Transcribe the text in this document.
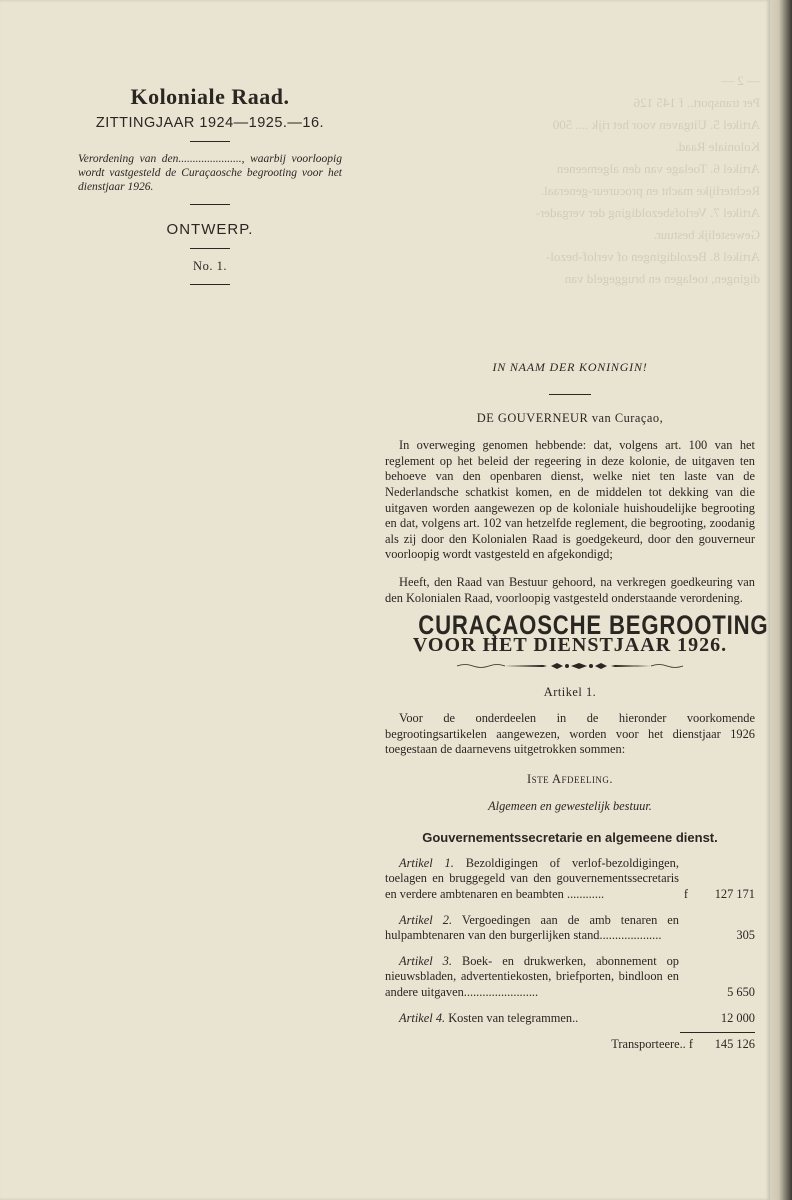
— 2 —
Per transport.. f 145 126
Artikel 5. Uitgaven voor het rijk .... 500
Koloniale Raad.
Artikel 6. Toelage van den algemeenen
Rechterlijke macht en procureur-generaal.
Artikel 7. Verlofsbezoldiging der vergader-
Gewestelijk bestuur.
Artikel 8. Bezoldigingen of verlof-bezol-
digingen, toelagen en bruggegeld van
Koloniale Raad.
ZITTINGJAAR 1924—1925.—16.
Verordening van den......................, waarbij voorloopig wordt vastgesteld de Curaçaosche begrooting voor het dienstjaar 1926.
ONTWERP.
No. 1.
IN NAAM DER KONINGIN!
DE GOUVERNEUR van Curaçao,
In overweging genomen hebbende: dat, volgens art. 100 van het reglement op het beleid der regeering in deze kolonie, de uitgaven ten behoeve van den openbaren dienst, welke niet ten laste van de Nederlandsche schatkist komen, en de middelen tot dekking van die uitgaven worden aangewezen op de koloniale huishoudelijke begrooting en dat, volgens art. 102 van hetzelfde reglement, die begrooting, zoodanig als zij door den Kolonialen Raad is goedgekeurd, door den gouverneur voorloopig wordt vastgesteld en afgekondigd;
Heeft, den Raad van Bestuur gehoord, na verkregen goedkeuring van den Kolonialen Raad, voorloopig vastgesteld onderstaande verordening.
CURAÇAOSCHE BEGROOTING
VOOR HET DIENSTJAAR 1926.
Artikel 1.
Voor de onderdeelen in de hieronder voorkomende begrootingsartikelen aangewezen, worden voor het dienstjaar 1926 toegestaan de daarnevens uitgetrokken sommen:
Iste Afdeeling.
Algemeen en gewestelijk bestuur.
Gouvernementssecretarie en algemeene dienst.
Artikel 1. Bezoldigingen of verlof-bezoldigingen, toelagen en bruggegeld van den gouvernementssecretaris en verdere ambtenaren en beambten ............	f	127 171
Artikel 2. Vergoedingen aan de amb tenaren en hulpambtenaren van den burgerlijken stand....................	305
Artikel 3. Boek- en drukwerken, abonnement op nieuwsbladen, advertentiekosten, briefporten, bindloon en andere uitgaven........................	5 650
Artikel 4. Kosten van telegrammen..	12 000
Transporteere.. f	145 126
